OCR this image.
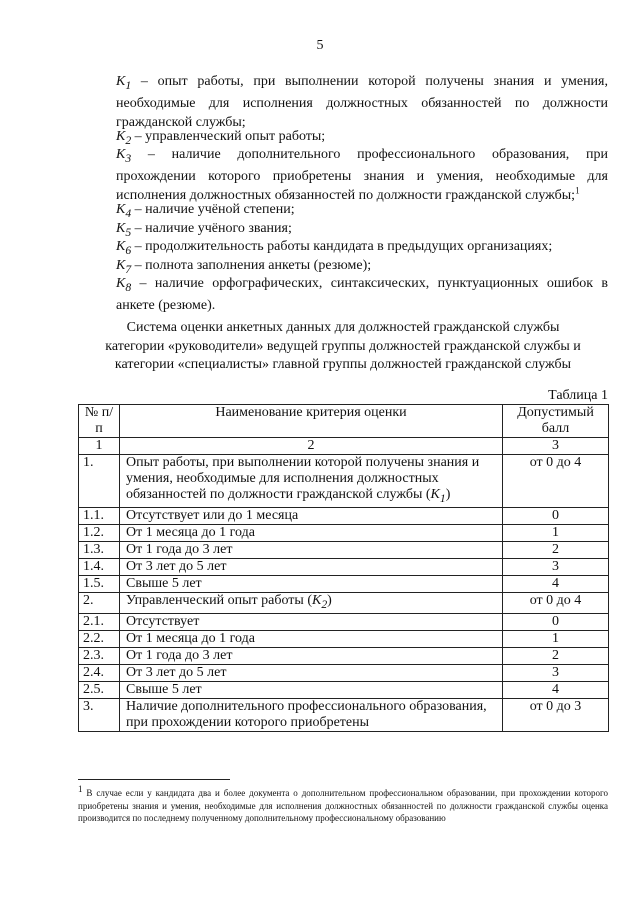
5
$K_1$ – опыт работы, при выполнении которой получены знания и умения, необходимые для исполнения должностных обязанностей по должности гражданской службы;
$K_2$ – управленческий опыт работы;
$K_3$ – наличие дополнительного профессионального образования, при прохождении которого приобретены знания и умения, необходимые для исполнения должностных обязанностей по должности гражданской службы;$^1$
$K_4$ – наличие учёной степени;
$K_5$ – наличие учёного звания;
$K_6$ – продолжительность работы кандидата в предыдущих организациях;
$K_7$ – полнота заполнения анкеты (резюме);
$K_8$ – наличие орфографических, синтаксических, пунктуационных ошибок в анкете (резюме).
Система оценки анкетных данных для должностей гражданской службы
категории «руководители» ведущей группы должностей гражданской службы и
категории «специалисты» главной группы должностей гражданской службы
Таблица 1
№ п/п	Наименование критерия оценки	Допустимый балл
1	2	3
1.	Опыт работы, при выполнении которой получены знания и умения, необходимые для исполнения должностных обязанностей по должности гражданской службы $(K_1)$	от 0 до 4
1.1.	Отсутствует или до 1 месяца	0
1.2.	От 1 месяца до 1 года	1
1.3.	От 1 года до 3 лет	2
1.4.	От 3 лет до 5 лет	3
1.5.	Свыше 5 лет	4
2.	Управленческий опыт работы $(K_2)$	от 0 до 4
2.1.	Отсутствует	0
2.2.	От 1 месяца до 1 года	1
2.3.	От 1 года до 3 лет	2
2.4.	От 3 лет до 5 лет	3
2.5.	Свыше 5 лет	4
3.	Наличие дополнительного профессионального образования, при прохождении которого приобретены	от 0 до 3
$^1$ В случае если у кандидата два и более документа о дополнительном профессиональном образовании, при прохождении которого приобретены знания и умения, необходимые для исполнения должностных обязанностей по должности гражданской службы оценка производится по последнему полученному дополнительному профессиональному образованию
